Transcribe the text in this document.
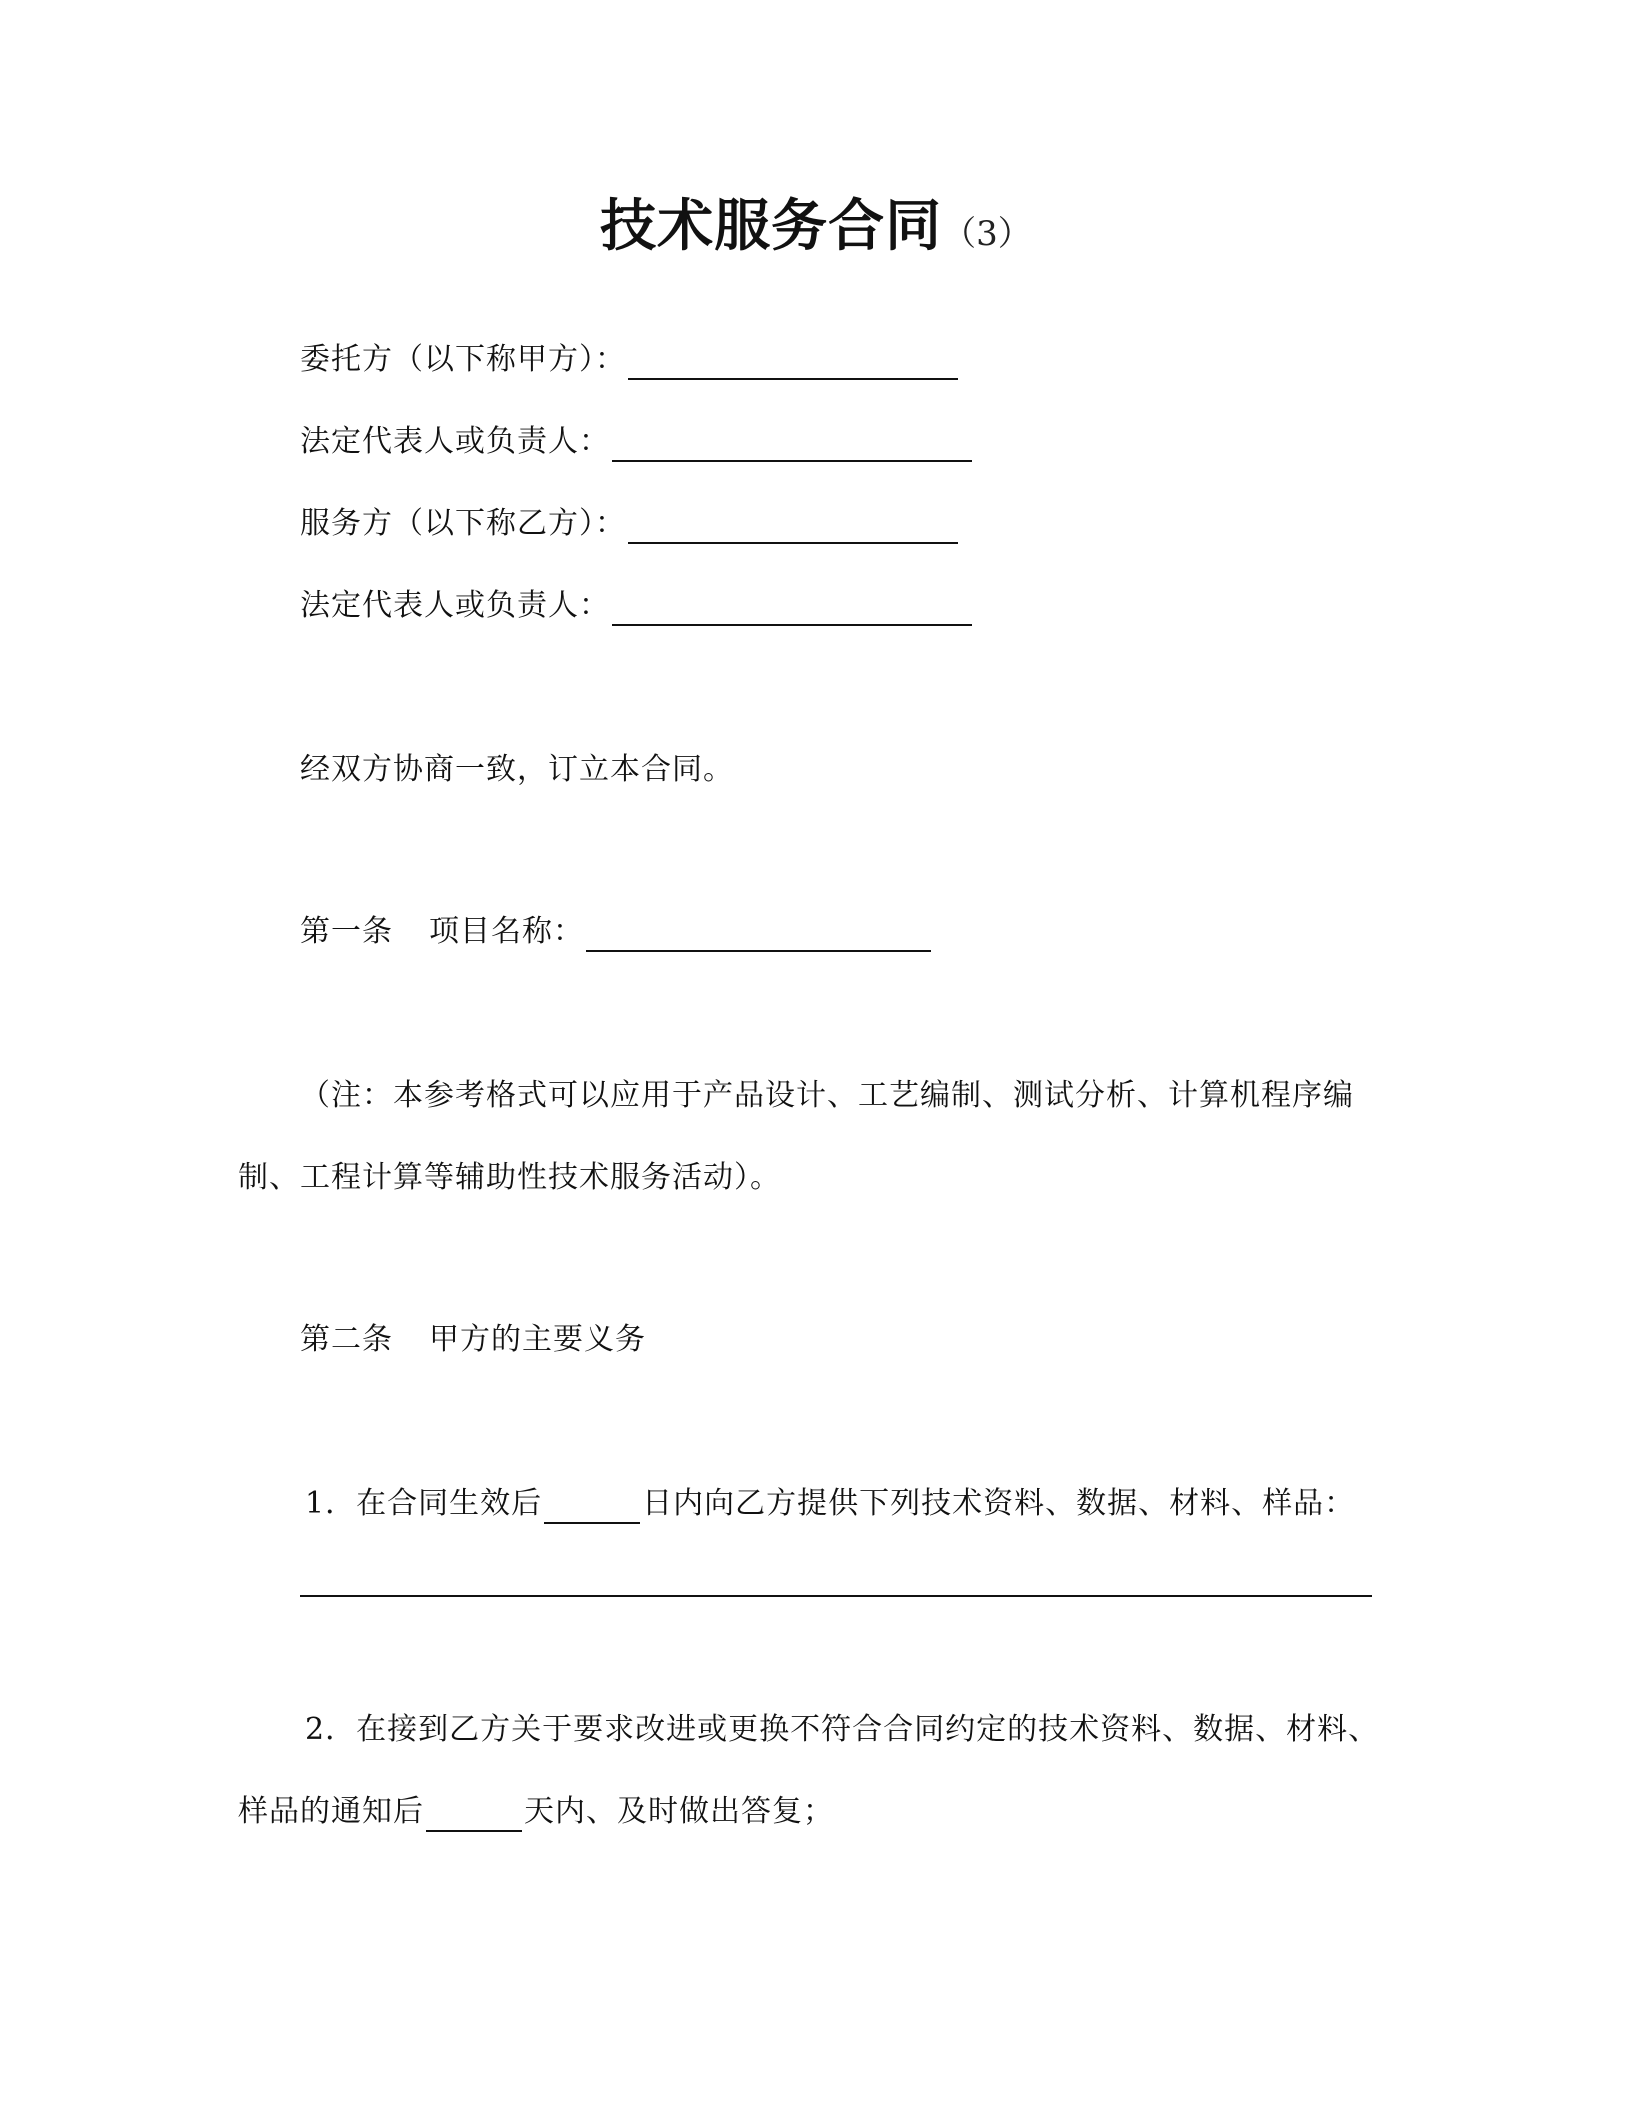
技术服务合同（3）
委托方（以下称甲方）：
法定代表人或负责人：
服务方（以下称乙方）：
法定代表人或负责人：
经双方协商一致，订立本合同。
第一条 项目名称：
（注：本参考格式可以应用于产品设计、工艺编制、测试分析、计算机程序编
制、工程计算等辅助性技术服务活动）。
第二条 甲方的主要义务
1．在合同生效后	日内向乙方提供下列技术资料、数据、材料、样品：
2．在接到乙方关于要求改进或更换不符合合同约定的技术资料、数据、材料、
样品的通知后	天内、及时做出答复；
